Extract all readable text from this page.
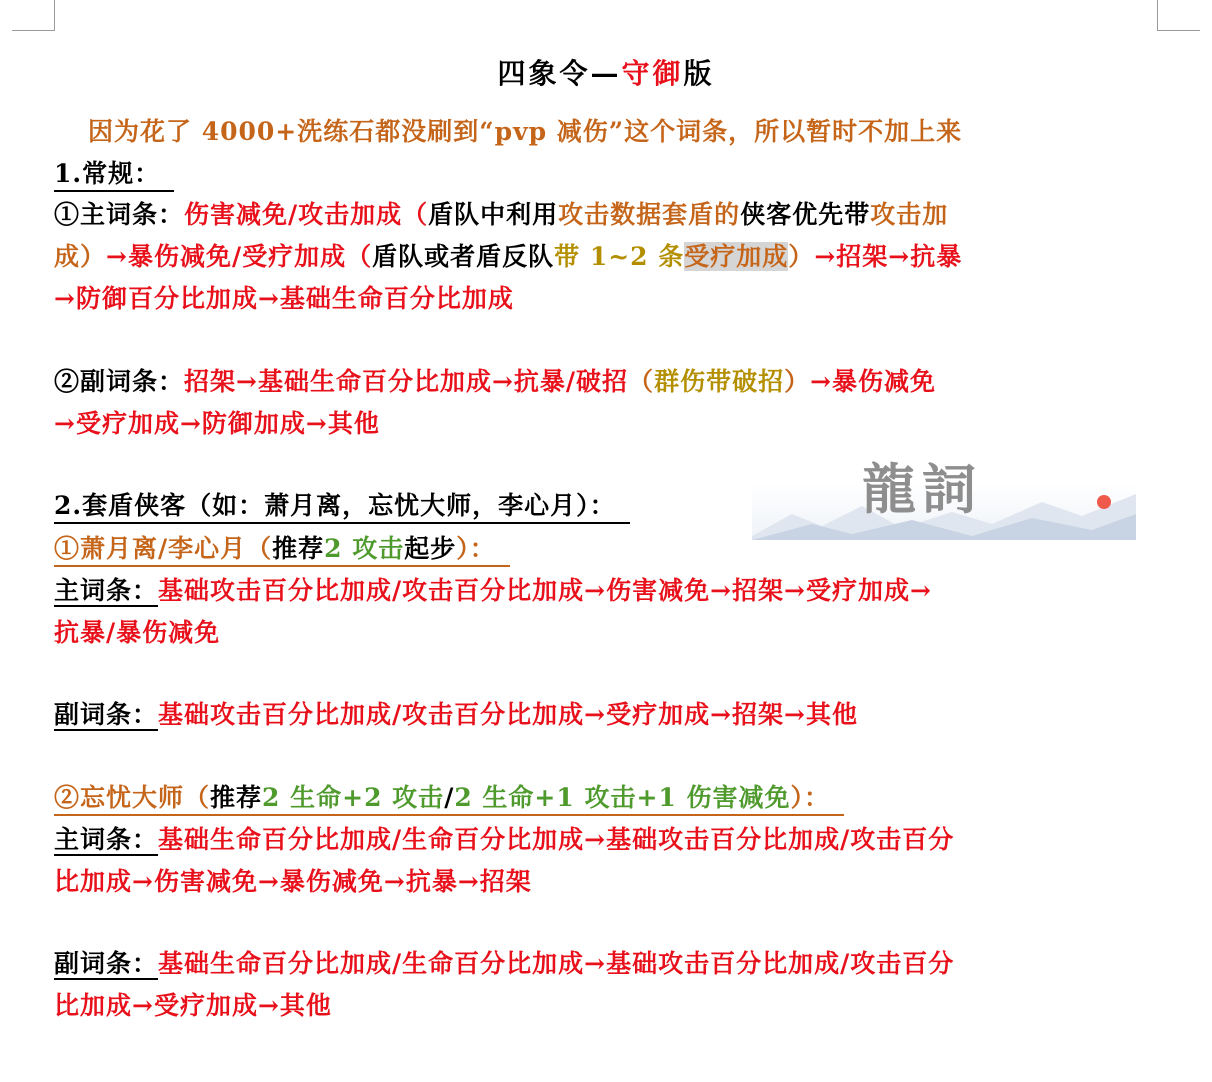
四象令—守御版
因为花了 4000+洗练石都没刷到“pvp 减伤”这个词条，所以暂时不加上来
1.常规：
①主词条：伤害减免/攻击加成（盾队中利用攻击数据套盾的侠客优先带攻击加
成）→暴伤减免/受疗加成（盾队或者盾反队带 1~2 条受疗加成）→招架→抗暴
→防御百分比加成→基础生命百分比加成
②副词条：招架→基础生命百分比加成→抗暴/破招（群伤带破招）→暴伤减免
→受疗加成→防御加成→其他
2.套盾侠客（如：萧月离，忘忧大师，李心月）：	龍詞
①萧月离/李心月（推荐2 攻击起步）：
主词条：基础攻击百分比加成/攻击百分比加成→伤害减免→招架→受疗加成→
抗暴/暴伤减免
副词条：基础攻击百分比加成/攻击百分比加成→受疗加成→招架→其他
②忘忧大师（推荐2 生命+2 攻击/2 生命+1 攻击+1 伤害减免）：
主词条：基础生命百分比加成/生命百分比加成→基础攻击百分比加成/攻击百分
比加成→伤害减免→暴伤减免→抗暴→招架
副词条：基础生命百分比加成/生命百分比加成→基础攻击百分比加成/攻击百分
比加成→受疗加成→其他
